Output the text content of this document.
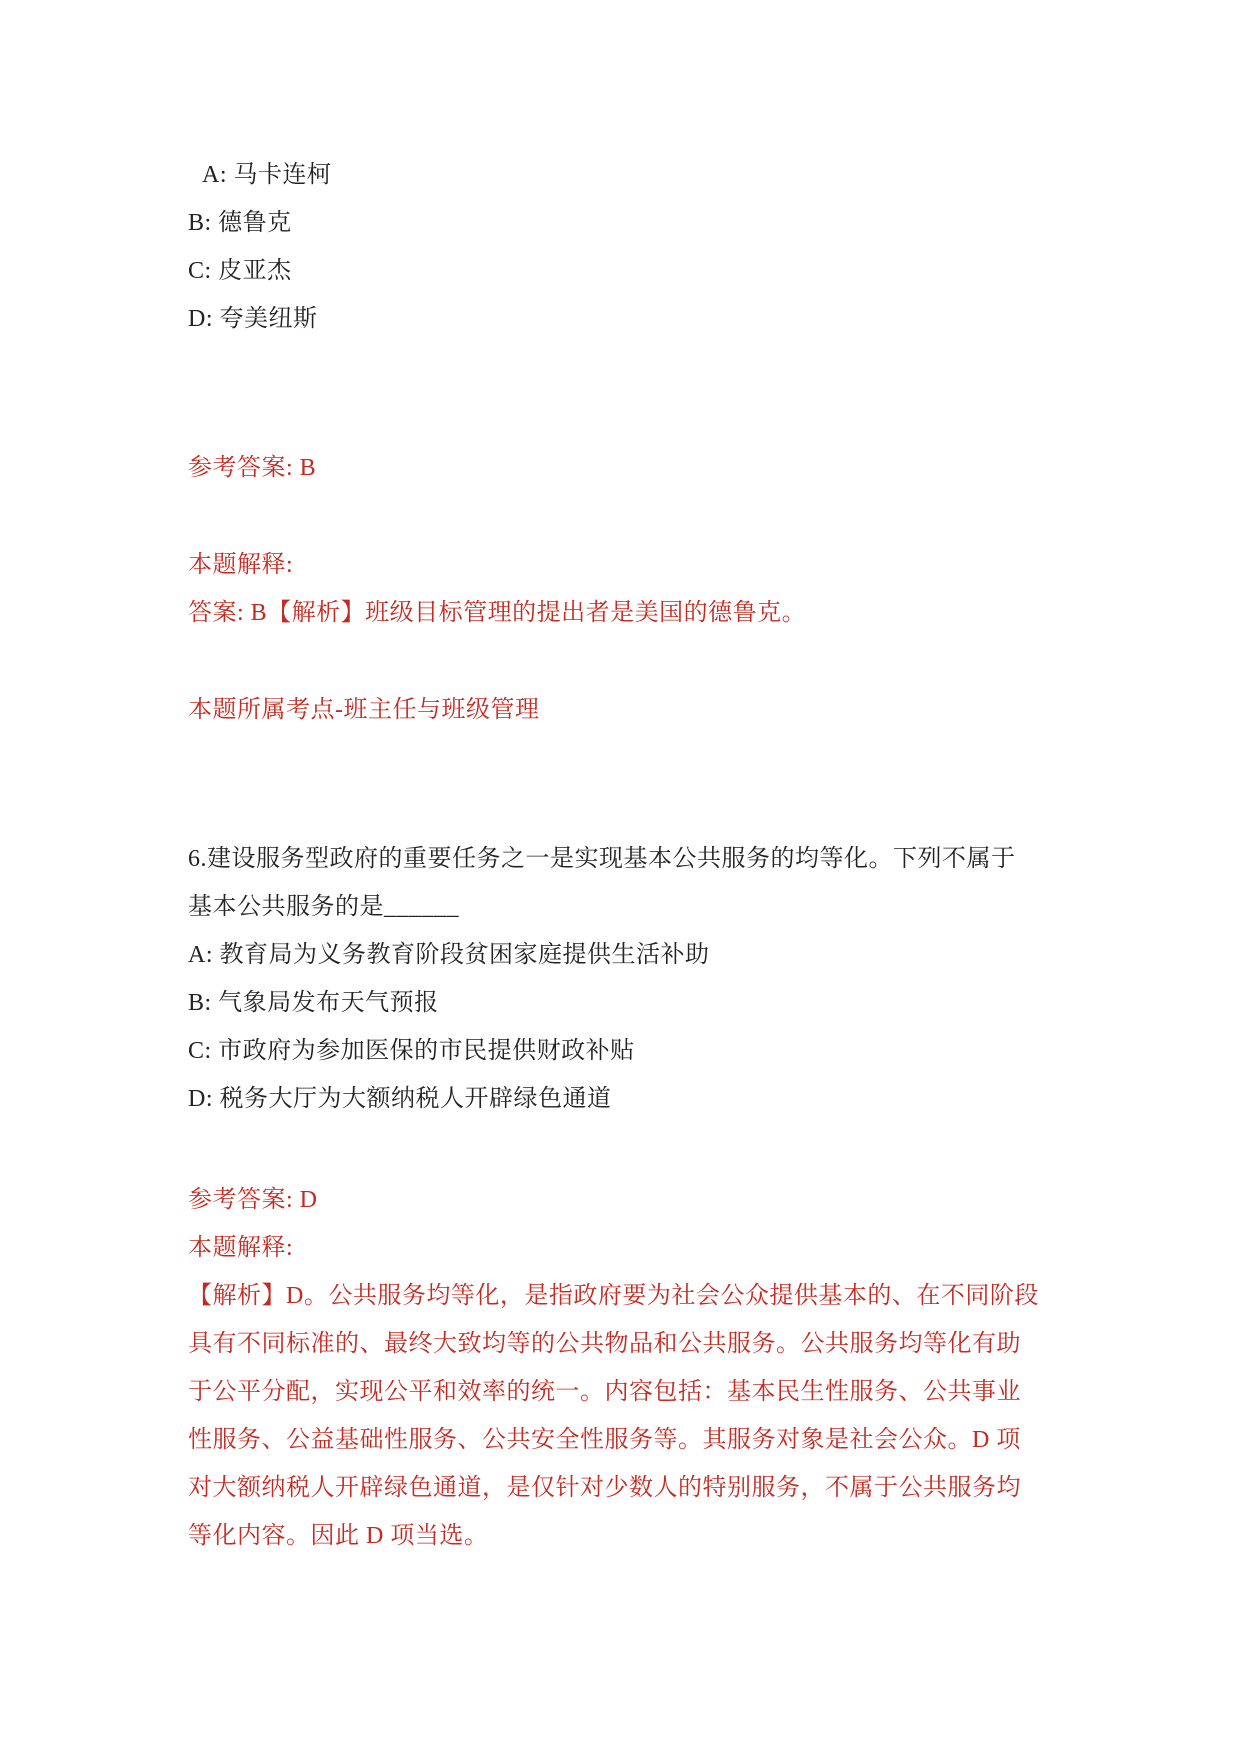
A: 马卡连柯
B: 德鲁克
C: 皮亚杰
D: 夸美纽斯
参考答案: B
本题解释:
答案: B【解析】班级目标管理的提出者是美国的德鲁克。
本题所属考点-班主任与班级管理
6.建设服务型政府的重要任务之一是实现基本公共服务的均等化。下列不属于
基本公共服务的是______
A: 教育局为义务教育阶段贫困家庭提供生活补助
B: 气象局发布天气预报
C: 市政府为参加医保的市民提供财政补贴
D: 税务大厅为大额纳税人开辟绿色通道
参考答案: D
本题解释:
【解析】D。公共服务均等化，是指政府要为社会公众提供基本的、在不同阶段
具有不同标准的、最终大致均等的公共物品和公共服务。公共服务均等化有助
于公平分配，实现公平和效率的统一。内容包括：基本民生性服务、公共事业
性服务、公益基础性服务、公共安全性服务等。其服务对象是社会公众。D 项
对大额纳税人开辟绿色通道，是仅针对少数人的特别服务，不属于公共服务均
等化内容。因此 D 项当选。
